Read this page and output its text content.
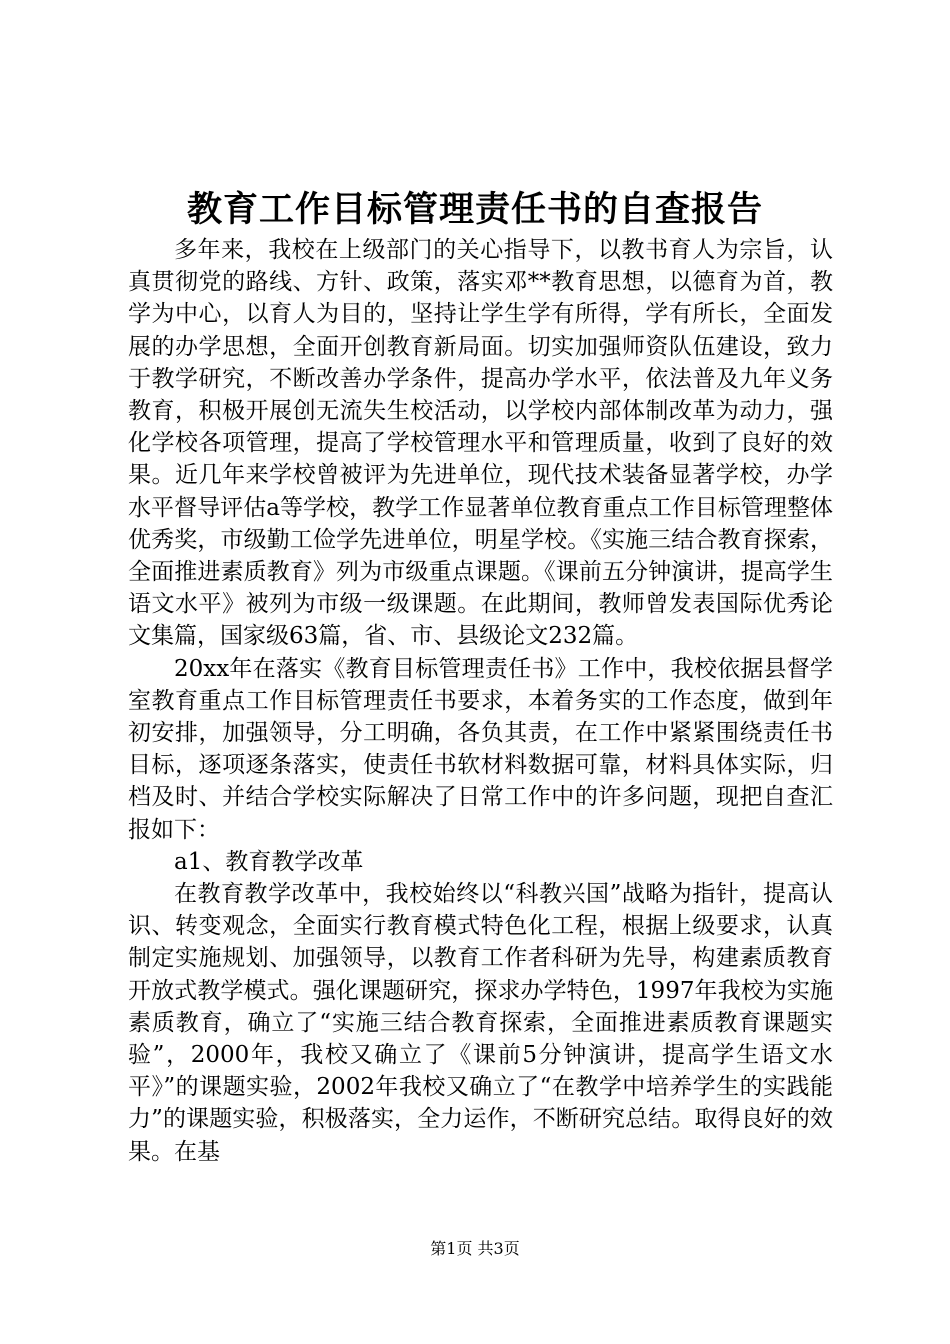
教育工作目标管理责任书的自查报告

多年来，我校在上级部门的关心指导下，以教书育人为宗旨，认真贯彻党的路线、方针、政策，落实邓**教育思想，以德育为首，教学为中心，以育人为目的，坚持让学生学有所得，学有所长，全面发展的办学思想，全面开创教育新局面。切实加强师资队伍建设，致力于教学研究，不断改善办学条件，提高办学水平，依法普及九年义务教育，积极开展创无流失生校活动，以学校内部体制改革为动力，强化学校各项管理，提高了学校管理水平和管理质量，收到了良好的效果。近几年来学校曾被评为先进单位，现代技术装备显著学校，办学水平督导评估a等学校，教学工作显著单位教育重点工作目标管理整体优秀奖，市级勤工俭学先进单位，明星学校。《实施三结合教育探索，全面推进素质教育》列为市级重点课题。《课前五分钟演讲，提高学生语文水平》被列为市级一级课题。在此期间，教师曾发表国际优秀论文集篇，国家级63篇，省、市、县级论文232篇。

20xx年在落实《教育目标管理责任书》工作中，我校依据县督学室教育重点工作目标管理责任书要求，本着务实的工作态度，做到年初安排，加强领导，分工明确，各负其责，在工作中紧紧围绕责任书目标，逐项逐条落实，使责任书软材料数据可靠，材料具体实际，归档及时、并结合学校实际解决了日常工作中的许多问题，现把自查汇报如下：

a1、教育教学改革

在教育教学改革中，我校始终以“科教兴国”战略为指针，提高认识、转变观念，全面实行教育模式特色化工程，根据上级要求，认真制定实施规划、加强领导，以教育工作者科研为先导，构建素质教育开放式教学模式。强化课题研究，探求办学特色，1997年我校为实施素质教育，确立了“实施三结合教育探索，全面推进素质教育课题实验”，2000年，我校又确立了《课前5分钟演讲，提高学生语文水平》”的课题实验，2002年我校又确立了“在教学中培养学生的实践能力”的课题实验，积极落实，全力运作，不断研究总结。取得良好的效果。在基

第1页 共3页
